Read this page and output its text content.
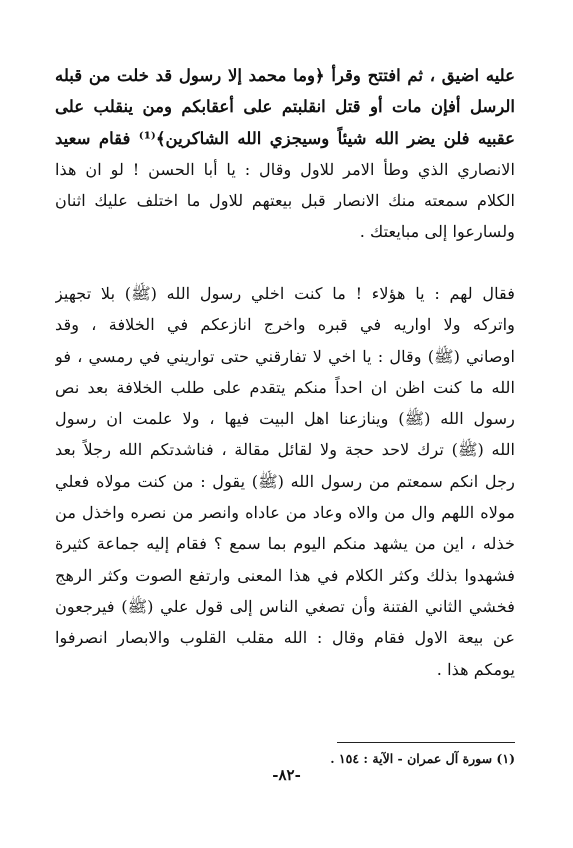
عليه اضيق ، ثم افتتح وقرأ ﴿وما محمد إلا رسول قد خلت من قبله
الرسل أفإن مات أو قتل انقلبتم على أعقابكم ومن ينقلب على
عقبيه فلن يضر الله شيئاً وسيجزي الله الشاكرين﴾⁽¹⁾ فقام سعيد
الانصاري الذي وطأ الامر للاول وقال : يا أبا الحسن ! لو ان هذا
الكلام سمعته منك الانصار قبل بيعتهم للاول ما اختلف عليك اثنان
ولسارعوا إلى مبايعتك .
فقال لهم : يا هؤلاء ! ما كنت اخلي رسول الله (ﷺ) بلا تجهيز
واتركه ولا اواريه في قبره واخرج انازعكم في الخلافة ، وقد
اوصاني (ﷺ) وقال : يا اخي لا تفارقني حتى تواريني في رمسي ، فو
الله ما كنت اظن ان احداً منكم يتقدم على طلب الخلافة بعد نص
رسول الله (ﷺ) وينازعنا اهل البيت فيها ، ولا علمت ان رسول
الله (ﷺ) ترك لاحد حجة ولا لقائل مقالة ، فناشدتكم الله رجلاً بعد
رجل انكم سمعتم من رسول الله (ﷺ) يقول : من كنت مولاه فعلي
مولاه اللهم وال من والاه وعاد من عاداه وانصر من نصره واخذل من
خذله ، اين من يشهد منكم اليوم بما سمع ؟ فقام إليه جماعة كثيرة
فشهدوا بذلك وكثر الكلام في هذا المعنى وارتفع الصوت وكثر الرهج
فخشي الثاني الفتنة وأن تصغي الناس إلى قول علي (ﷺ) فيرجعون
عن بيعة الاول فقام وقال : الله مقلب القلوب والابصار انصرفوا
يومكم هذا .
(١) سورة آل عمران - الآية : ١٥٤ .
-٨٢-
